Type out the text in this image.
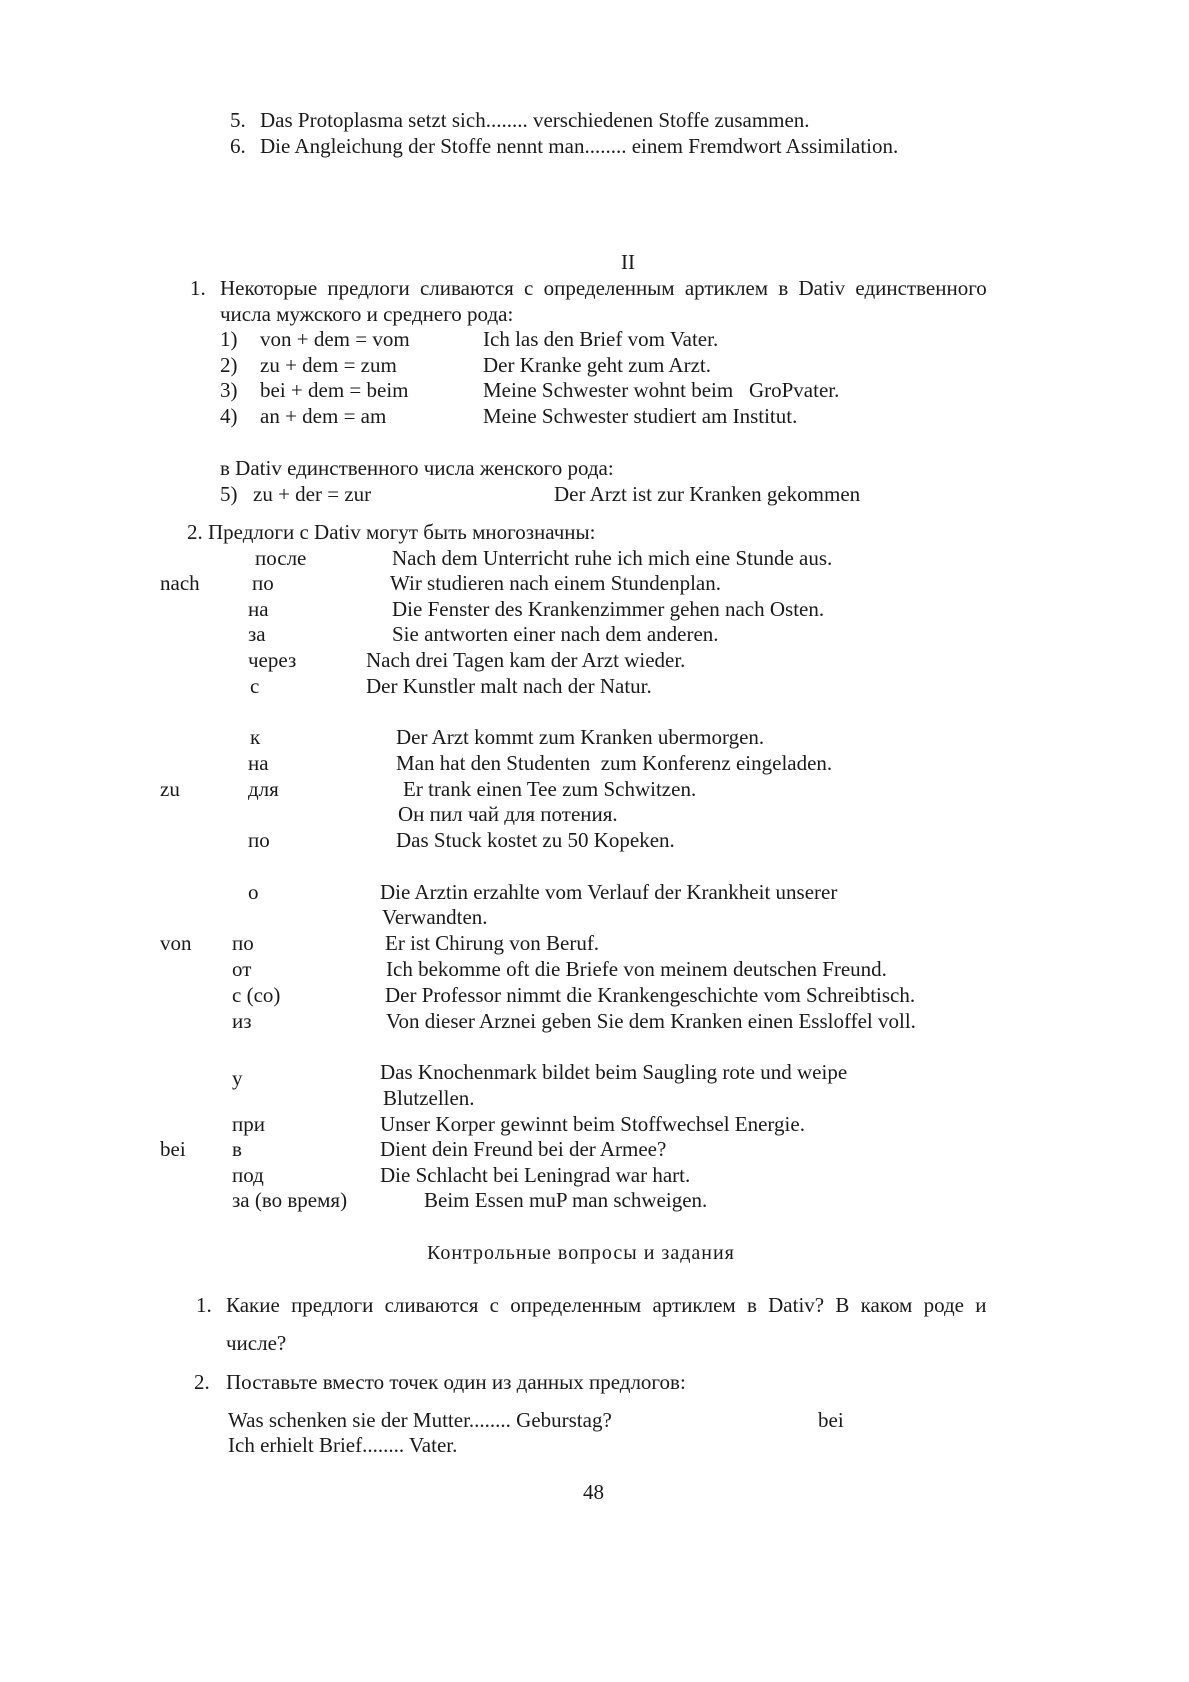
5. Das Protoplasma setzt sich........ verschiedenen Stoffe zusammen.
6. Die Angleichung der Stoffe nennt man........ einem Fremdwort Assimilation.
II
1. Некоторые предлоги сливаются с определенным артиклем в Dativ единственного
числа мужского и среднего рода:
1) von + dem = vom	Ich las den Brief vom Vater.
2) zu + dem = zum	Der Kranke geht zum Arzt.
3) bei + dem = beim	Meine Schwester wohnt beim   GroPvater.
4) an + dem = am	Meine Schwester studiert am Institut.
в Dativ единственного числа женского рода:
5) zu + der = zur	Der Arzt ist zur Kranken gekommen
2. Предлоги с Dativ могут быть многозначны:
nach
после	Nach dem Unterricht ruhe ich mich eine Stunde aus.
по	Wir studieren nach einem Stundenplan.
на	Die Fenster des Krankenzimmer gehen nach Osten.
за	Sie antworten einer nach dem anderen.
через	Nach drei Tagen kam der Arzt wieder.
с	Der Kunstler malt nach der Natur.
zu
к	Der Arzt kommt zum Kranken ubermorgen.
на	Man hat den Studenten  zum Konferenz eingeladen.
для	Er trank einen Tee zum Schwitzen.
Он пил чай для потения.
по	Das Stuck kostet zu 50 Kopeken.
von
о	Die Arztin erzahlte vom Verlauf der Krankheit unserer
Verwandten.
по	Er ist Chirung von Beruf.
от	Ich bekomme oft die Briefe von meinem deutschen Freund.
с (со)	Der Professor nimmt die Krankengeschichte vom Schreibtisch.
из	Von dieser Arznei geben Sie dem Kranken einen Essloffel voll.
bei
у	Das Knochenmark bildet beim Saugling rote und weipe
Blutzellen.
при	Unser Korper gewinnt beim Stoffwechsel Energie.
в	Dient dein Freund bei der Armee?
под	Die Schlacht bei Leningrad war hart.
за (во время)	Beim Essen muP man schweigen.
Контрольные вопросы и задания
1. Какие предлоги сливаются с определенным артиклем в Dativ? В каком роде и
числе?
2. Поставьте вместо точек один из данных предлогов:
Was schenken sie der Mutter........ Geburstag?	bei
Ich erhielt Brief........ Vater.
48
